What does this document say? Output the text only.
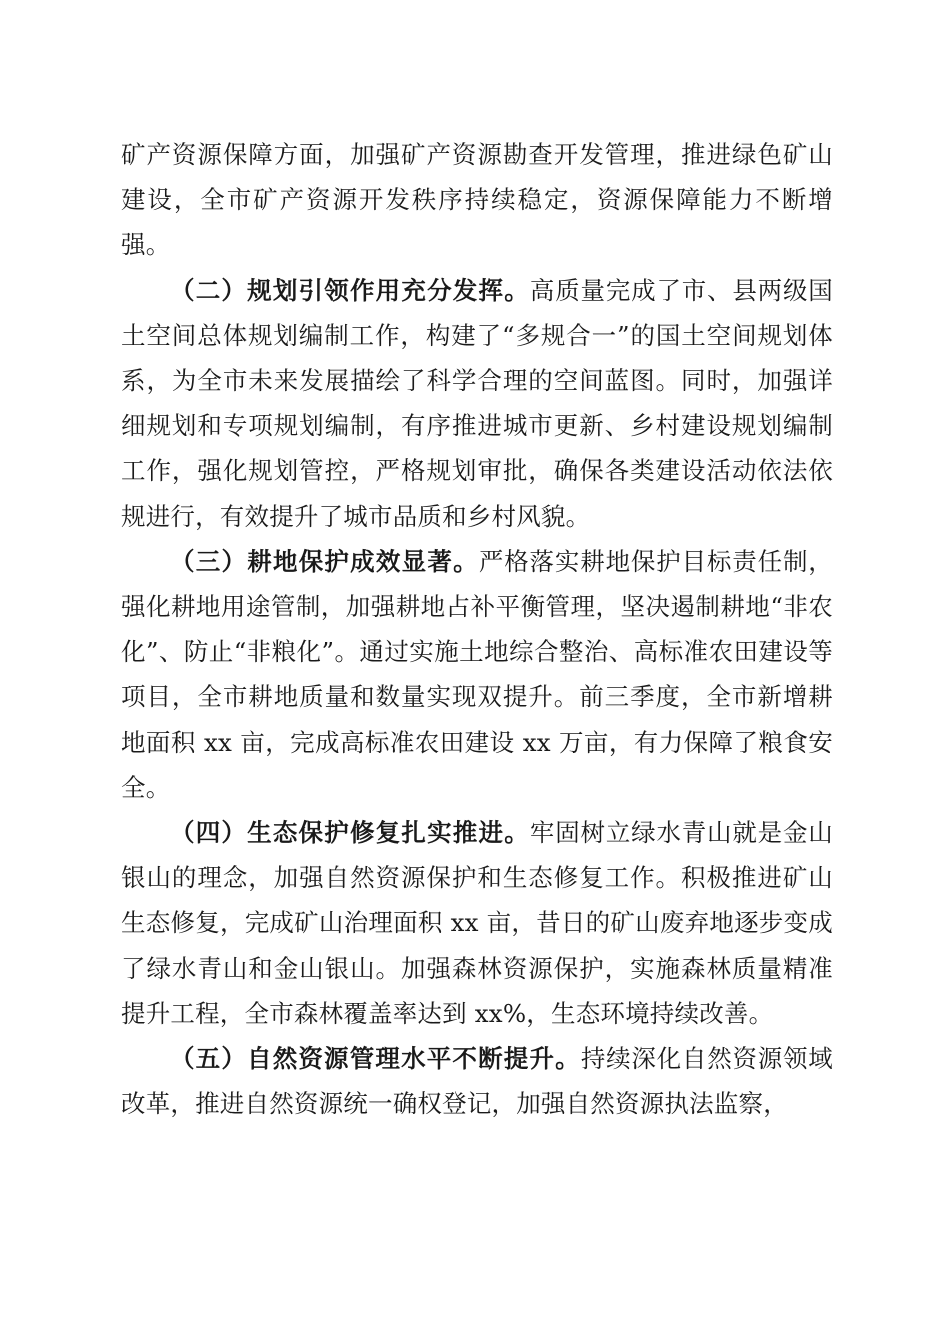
矿产资源保障方面，加强矿产资源勘查开发管理，推进绿色矿山建设，全市矿产资源开发秩序持续稳定，资源保障能力不断增强。

（二）规划引领作用充分发挥。高质量完成了市、县两级国土空间总体规划编制工作，构建了“多规合一”的国土空间规划体系，为全市未来发展描绘了科学合理的空间蓝图。同时，加强详细规划和专项规划编制，有序推进城市更新、乡村建设规划编制工作，强化规划管控，严格规划审批，确保各类建设活动依法依规进行，有效提升了城市品质和乡村风貌。

（三）耕地保护成效显著。严格落实耕地保护目标责任制，强化耕地用途管制，加强耕地占补平衡管理，坚决遏制耕地“非农化”、防止“非粮化”。通过实施土地综合整治、高标准农田建设等项目，全市耕地质量和数量实现双提升。前三季度，全市新增耕地面积 xx 亩，完成高标准农田建设 xx 万亩，有力保障了粮食安全。

（四）生态保护修复扎实推进。牢固树立绿水青山就是金山银山的理念，加强自然资源保护和生态修复工作。积极推进矿山生态修复，完成矿山治理面积 xx 亩，昔日的矿山废弃地逐步变成了绿水青山和金山银山。加强森林资源保护，实施森林质量精准提升工程，全市森林覆盖率达到 xx%，生态环境持续改善。

（五）自然资源管理水平不断提升。持续深化自然资源领域改革，推进自然资源统一确权登记，加强自然资源执法监察，
